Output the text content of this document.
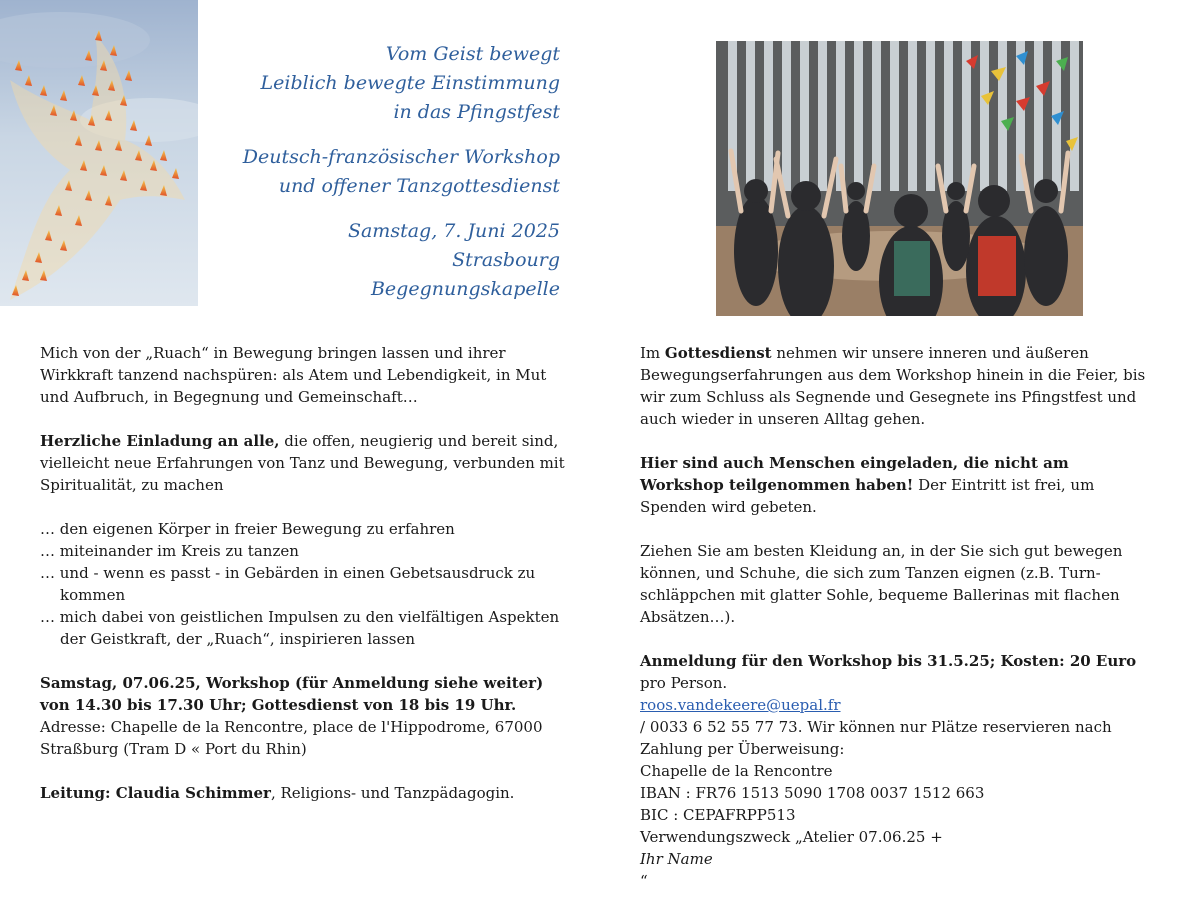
Vom Geist bewegt
Leiblich bewegte Einstimmung
in das Pfingstfest

Deutsch-französischer Workshop
und offener Tanzgottesdienst

Samstag, 7. Juni 2025
Strasbourg
Begegnungskapelle

Mich von der „Ruach“ in Bewegung bringen lassen und ihrer Wirkkraft tanzend nachspüren: als Atem und Lebendigkeit, in Mut und Aufbruch, in Begegnung und Gemeinschaft…

Herzliche Einladung an alle, die offen, neugierig und bereit sind, vielleicht neue Erfahrungen von Tanz und Bewegung, verbunden mit Spiritualität, zu machen

… den eigenen Körper in freier Bewegung zu erfahren
… miteinander im Kreis zu tanzen
… und - wenn es passt - in Gebärden in einen Gebetsausdruck zu kommen
… mich dabei von geistlichen Impulsen zu den vielfältigen Aspekten der Geistkraft, der „Ruach“, inspirieren lassen

Samstag, 07.06.25, Workshop (für Anmeldung siehe weiter) von 14.30 bis 17.30 Uhr; Gottesdienst von 18 bis 19 Uhr. Adresse: Chapelle de la Rencontre, place de l'Hippodrome, 67000 Straßburg (Tram D « Port du Rhin)

Leitung: Claudia Schimmer, Religions- und Tanzpädagogin.

Im Gottesdienst nehmen wir unsere inneren und äußeren Bewegungserfahrungen aus dem Workshop hinein in die Feier, bis wir zum Schluss als Segnende und Gesegnete ins Pfingstfest und auch wieder in unseren Alltag gehen.

Hier sind auch Menschen eingeladen, die nicht am Workshop teilgenommen haben! Der Eintritt ist frei, um Spenden wird gebeten.

Ziehen Sie am besten Kleidung an, in der Sie sich gut bewegen können, und Schuhe, die sich zum Tanzen eignen (z.B. Turn-schläppchen mit glatter Sohle, bequeme Ballerinas mit flachen Absätzen…).

Anmeldung für den Workshop bis 31.5.25; Kosten: 20 Euro
pro Person.
roos.vandekeere@uepal.fr
/ 0033 6 52 55 77 73. Wir können nur Plätze reservieren nach Zahlung per Überweisung:
Chapelle de la Rencontre
IBAN : FR76 1513 5090 1708 0037 1512 663
BIC : CEPAFRPP513
Verwendungszweck „Atelier 07.06.25 +
Ihr Name
“
